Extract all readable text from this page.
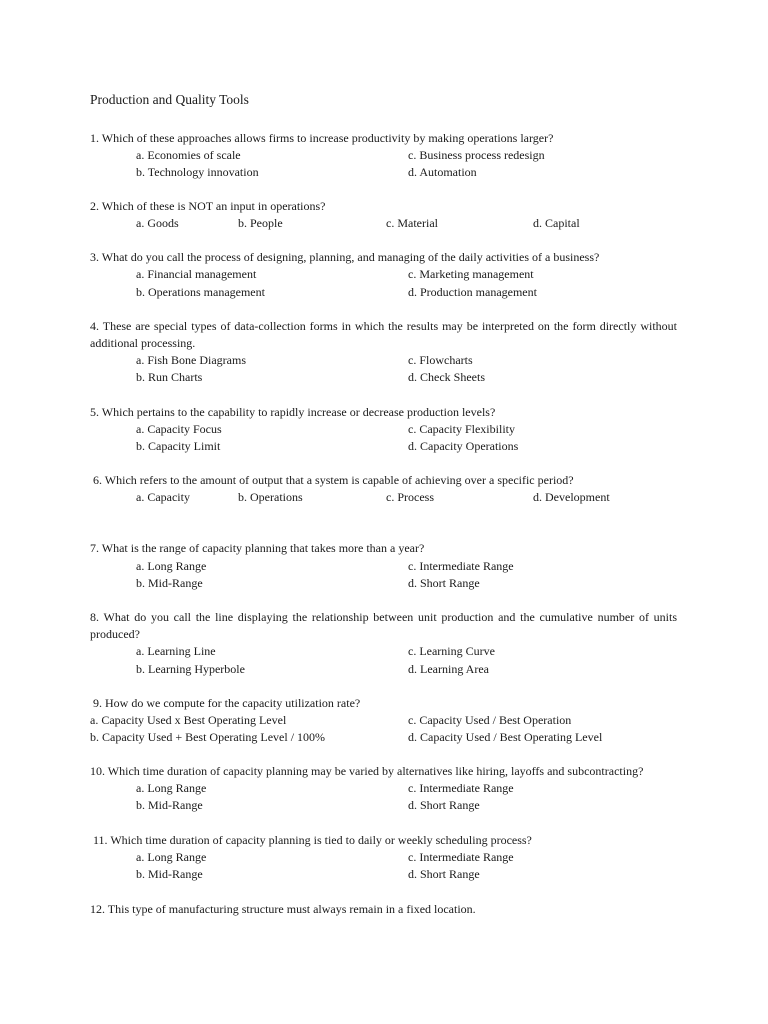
Production and Quality Tools
1. Which of these approaches allows firms to increase productivity by making operations larger?
a. Economies of scale	c. Business process redesign
b. Technology innovation	d. Automation
2. Which of these is NOT an input in operations?
a. Goods	b. People	c. Material	d. Capital
3. What do you call the process of designing, planning, and managing of the daily activities of a business?
a. Financial management	c. Marketing management
b. Operations management	d. Production management
4. These are special types of data-collection forms in which the results may be interpreted on the form directly without additional processing.
a. Fish Bone Diagrams	c. Flowcharts
b. Run Charts	d. Check Sheets
5. Which pertains to the capability to rapidly increase or decrease production levels?
a. Capacity Focus	c. Capacity Flexibility
b. Capacity Limit	d. Capacity Operations
6. Which refers to the amount of output that a system is capable of achieving over a specific period?
a. Capacity	b. Operations	c. Process	d. Development
7. What is the range of capacity planning that takes more than a year?
a. Long Range	c. Intermediate Range
b. Mid-Range	d. Short Range
8. What do you call the line displaying the relationship between unit production and the cumulative number of units produced?
a. Learning Line	c. Learning Curve
b. Learning Hyperbole	d. Learning Area
9. How do we compute for the capacity utilization rate?
a. Capacity Used x Best Operating Level	c. Capacity Used / Best Operation
b. Capacity Used + Best Operating Level / 100%	d. Capacity Used / Best Operating Level
10. Which time duration of capacity planning may be varied by alternatives like hiring, layoffs and subcontracting?
a. Long Range	c. Intermediate Range
b. Mid-Range	d. Short Range
11. Which time duration of capacity planning is tied to daily or weekly scheduling process?
a. Long Range	c. Intermediate Range
b. Mid-Range	d. Short Range
12. This type of manufacturing structure must always remain in a fixed location.
